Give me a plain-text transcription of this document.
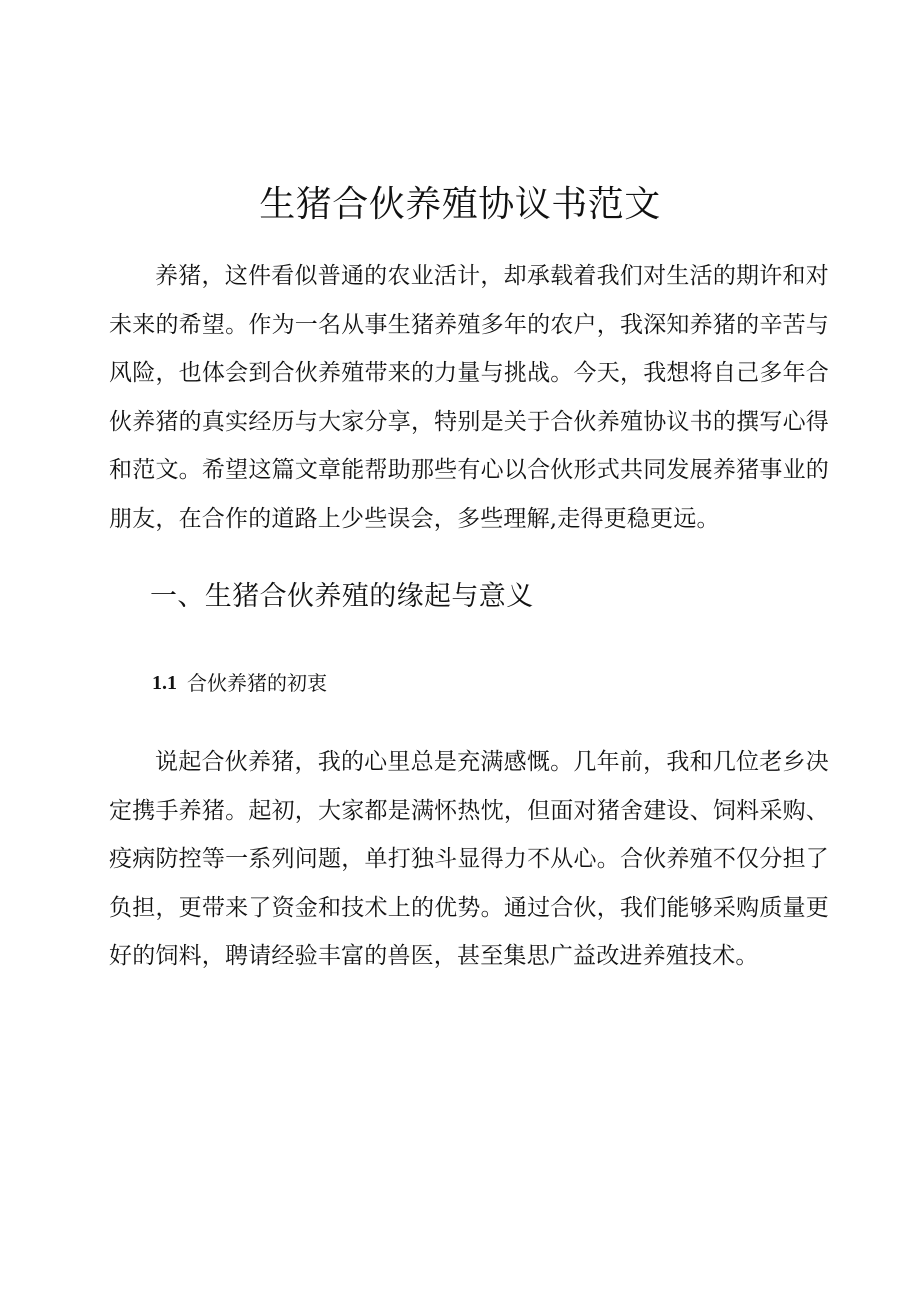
生猪合伙养殖协议书范文

养猪，这件看似普通的农业活计，却承载着我们对生活的期许和对未来的希望。作为一名从事生猪养殖多年的农户，我深知养猪的辛苦与风险，也体会到合伙养殖带来的力量与挑战。今天，我想将自己多年合伙养猪的真实经历与大家分享，特别是关于合伙养殖协议书的撰写心得和范文。希望这篇文章能帮助那些有心以合伙形式共同发展养猪事业的朋友，在合作的道路上少些误会，多些理解,走得更稳更远。

一、生猪合伙养殖的缘起与意义
1.1 合伙养猪的初衷

说起合伙养猪，我的心里总是充满感慨。几年前，我和几位老乡决定携手养猪。起初，大家都是满怀热忱，但面对猪舍建设、饲料采购、疫病防控等一系列问题，单打独斗显得力不从心。合伙养殖不仅分担了负担，更带来了资金和技术上的优势。通过合伙，我们能够采购质量更好的饲料，聘请经验丰富的兽医，甚至集思广益改进养殖技术。
